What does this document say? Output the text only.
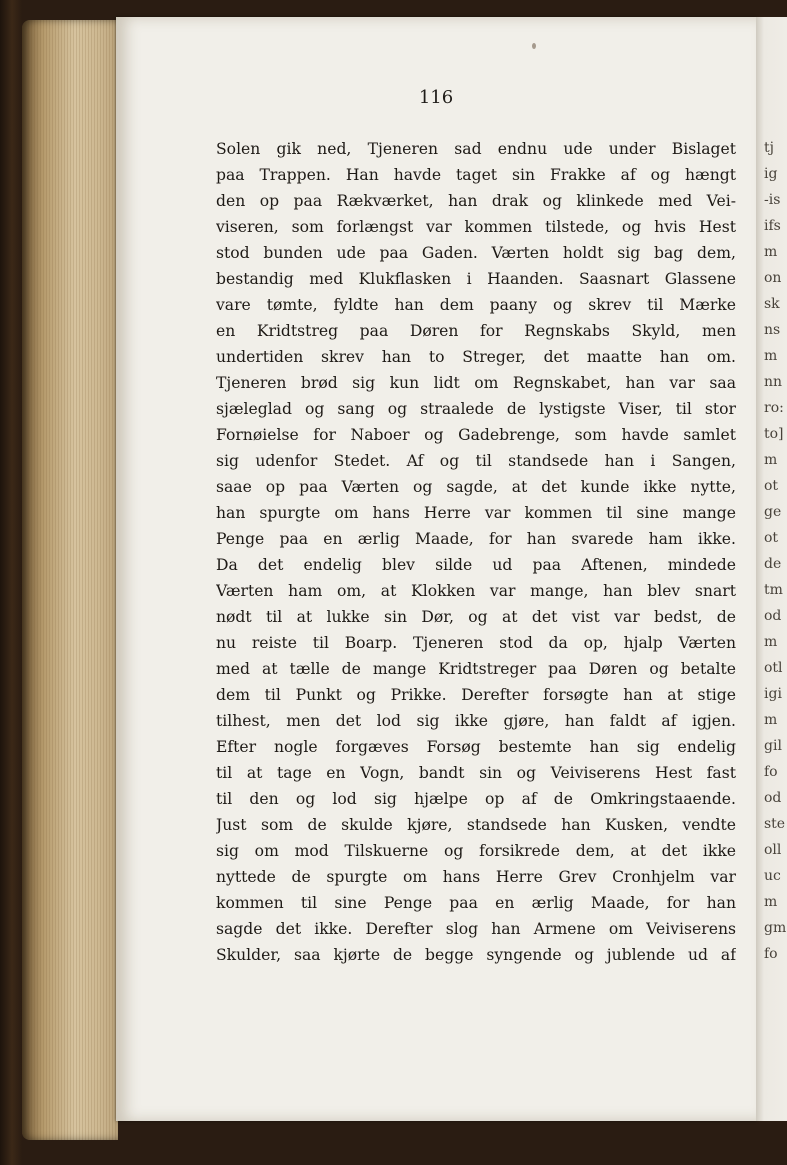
116
Solen gik ned, Tjeneren sad endnu ude under Bislaget
paa Trappen. Han havde taget sin Frakke af og hængt
den op paa Rækværket, han drak og klinkede med Vei-
viseren, som forlængst var kommen tilstede, og hvis Hest
stod bunden ude paa Gaden. Værten holdt sig bag dem,
bestandig med Klukflasken i Haanden. Saasnart Glassene
vare tømte, fyldte han dem paany og skrev til Mærke
en Kridtstreg paa Døren for Regnskabs Skyld, men
undertiden skrev han to Streger, det maatte han om.
Tjeneren brød sig kun lidt om Regnskabet, han var saa
sjæleglad og sang og straalede de lystigste Viser, til stor
Fornøielse for Naboer og Gadebrenge, som havde samlet
sig udenfor Stedet. Af og til standsede han i Sangen,
saae op paa Værten og sagde, at det kunde ikke nytte,
han spurgte om hans Herre var kommen til sine mange
Penge paa en ærlig Maade, for han svarede ham ikke.
Da det endelig blev silde ud paa Aftenen, mindede
Værten ham om, at Klokken var mange, han blev snart
nødt til at lukke sin Dør, og at det vist var bedst, de
nu reiste til Boarp. Tjeneren stod da op, hjalp Værten
med at tælle de mange Kridtstreger paa Døren og betalte
dem til Punkt og Prikke. Derefter forsøgte han at stige
tilhest, men det lod sig ikke gjøre, han faldt af igjen.
Efter nogle forgæves Forsøg bestemte han sig endelig
til at tage en Vogn, bandt sin og Veiviserens Hest fast
til den og lod sig hjælpe op af de Omkringstaaende.
Just som de skulde kjøre, standsede han Kusken, vendte
sig om mod Tilskuerne og forsikrede dem, at det ikke
nyttede de spurgte om hans Herre Grev Cronhjelm var
kommen til sine Penge paa en ærlig Maade, for han
sagde det ikke. Derefter slog han Armene om Veiviserens
Skulder, saa kjørte de begge syngende og jublende ud af
tj
ig
-is
ifs
m
on
sk
ns
m
nn
ro:
to]
m
ot
ge
ot
de
tm
od
m
otl
igi
m
gil
fo
od
ste
oll
uc
m
gm
fo
